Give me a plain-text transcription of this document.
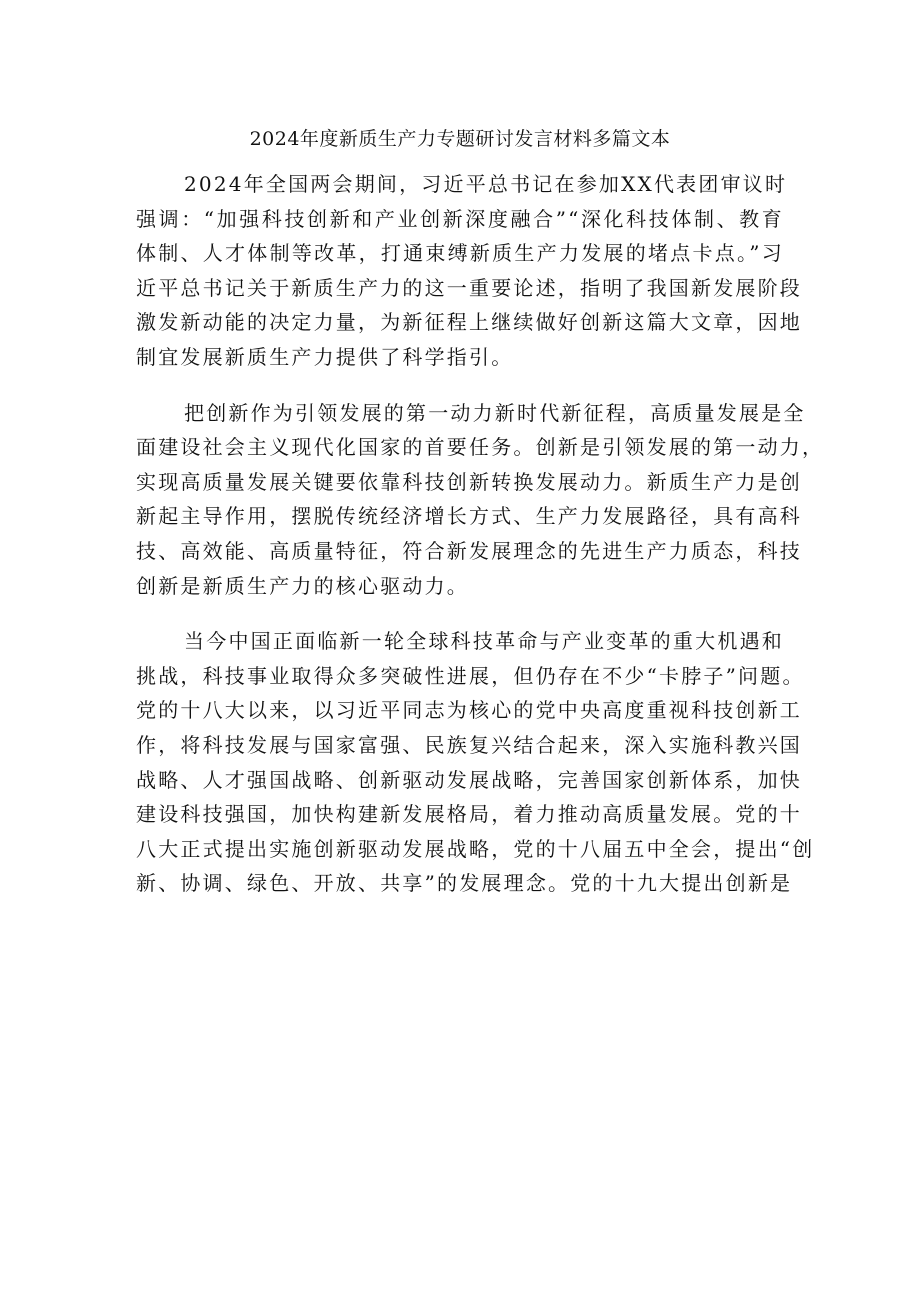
2024年度新质生产力专题研讨发言材料多篇文本
2024年全国两会期间，习近平总书记在参加XX代表团审议时
强调：“加强科技创新和产业创新深度融合”“深化科技体制、教育
体制、人才体制等改革，打通束缚新质生产力发展的堵点卡点。”习
近平总书记关于新质生产力的这一重要论述，指明了我国新发展阶段
激发新动能的决定力量，为新征程上继续做好创新这篇大文章，因地
制宜发展新质生产力提供了科学指引。
把创新作为引领发展的第一动力新时代新征程，高质量发展是全
面建设社会主义现代化国家的首要任务。创新是引领发展的第一动力，
实现高质量发展关键要依靠科技创新转换发展动力。新质生产力是创
新起主导作用，摆脱传统经济增长方式、生产力发展路径，具有高科
技、高效能、高质量特征，符合新发展理念的先进生产力质态，科技
创新是新质生产力的核心驱动力。
当今中国正面临新一轮全球科技革命与产业变革的重大机遇和
挑战，科技事业取得众多突破性进展，但仍存在不少“卡脖子”问题。
党的十八大以来，以习近平同志为核心的党中央高度重视科技创新工
作，将科技发展与国家富强、民族复兴结合起来，深入实施科教兴国
战略、人才强国战略、创新驱动发展战略，完善国家创新体系，加快
建设科技强国，加快构建新发展格局，着力推动高质量发展。党的十
八大正式提出实施创新驱动发展战略，党的十八届五中全会，提出“创
新、协调、绿色、开放、共享”的发展理念。党的十九大提出创新是
